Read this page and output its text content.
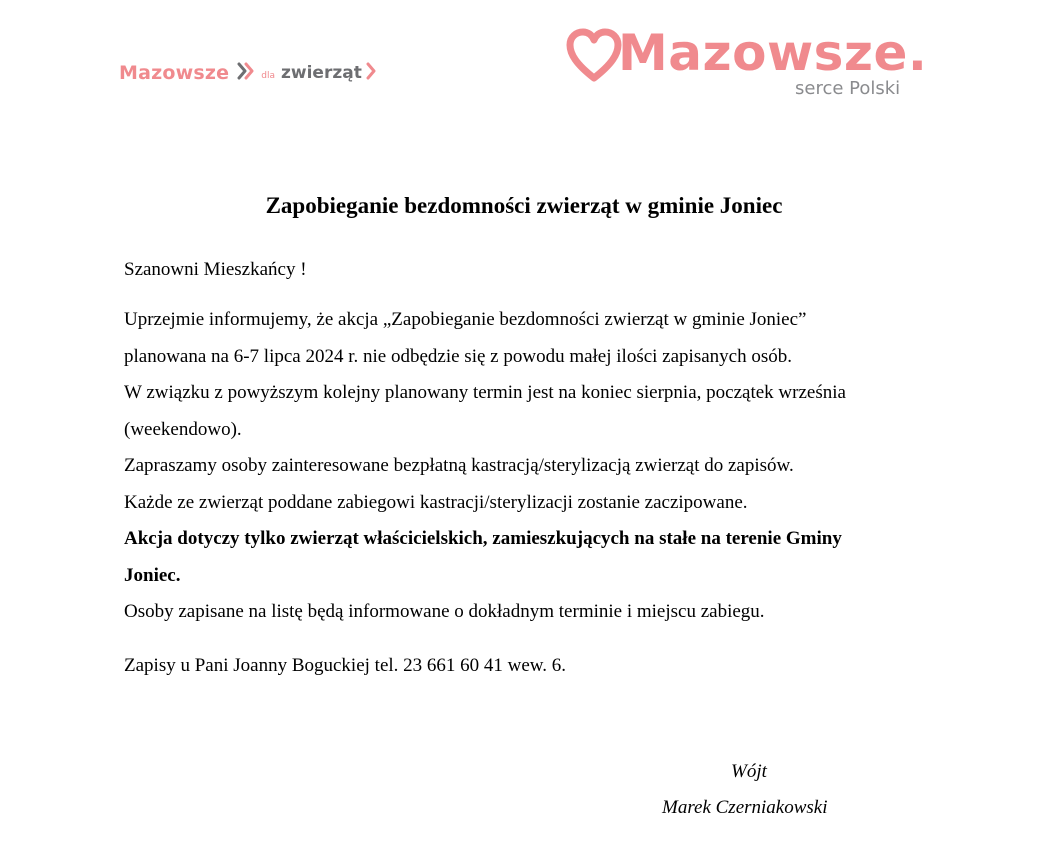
Mazowsze	dla zwierząt	Mazowsze.
serce Polski
Zapobieganie bezdomności zwierząt w gminie Joniec
Szanowni Mieszkańcy !
Uprzejmie informujemy, że akcja „Zapobieganie bezdomności zwierząt w gminie Joniec”
planowana na 6-7 lipca 2024 r. nie odbędzie się z powodu małej ilości zapisanych osób.
W związku z powyższym kolejny planowany termin jest na koniec sierpnia, początek września
(weekendowo).
Zapraszamy osoby zainteresowane bezpłatną kastracją/sterylizacją zwierząt do zapisów.
Każde ze zwierząt poddane zabiegowi kastracji/sterylizacji zostanie zaczipowane.
Akcja dotyczy tylko zwierząt właścicielskich, zamieszkujących na stałe na terenie Gminy
Joniec.
Osoby zapisane na listę będą informowane o dokładnym terminie i miejscu zabiegu.
Zapisy u Pani Joanny Boguckiej tel. 23 661 60 41 wew. 6.
Wójt
Marek Czerniakowski
